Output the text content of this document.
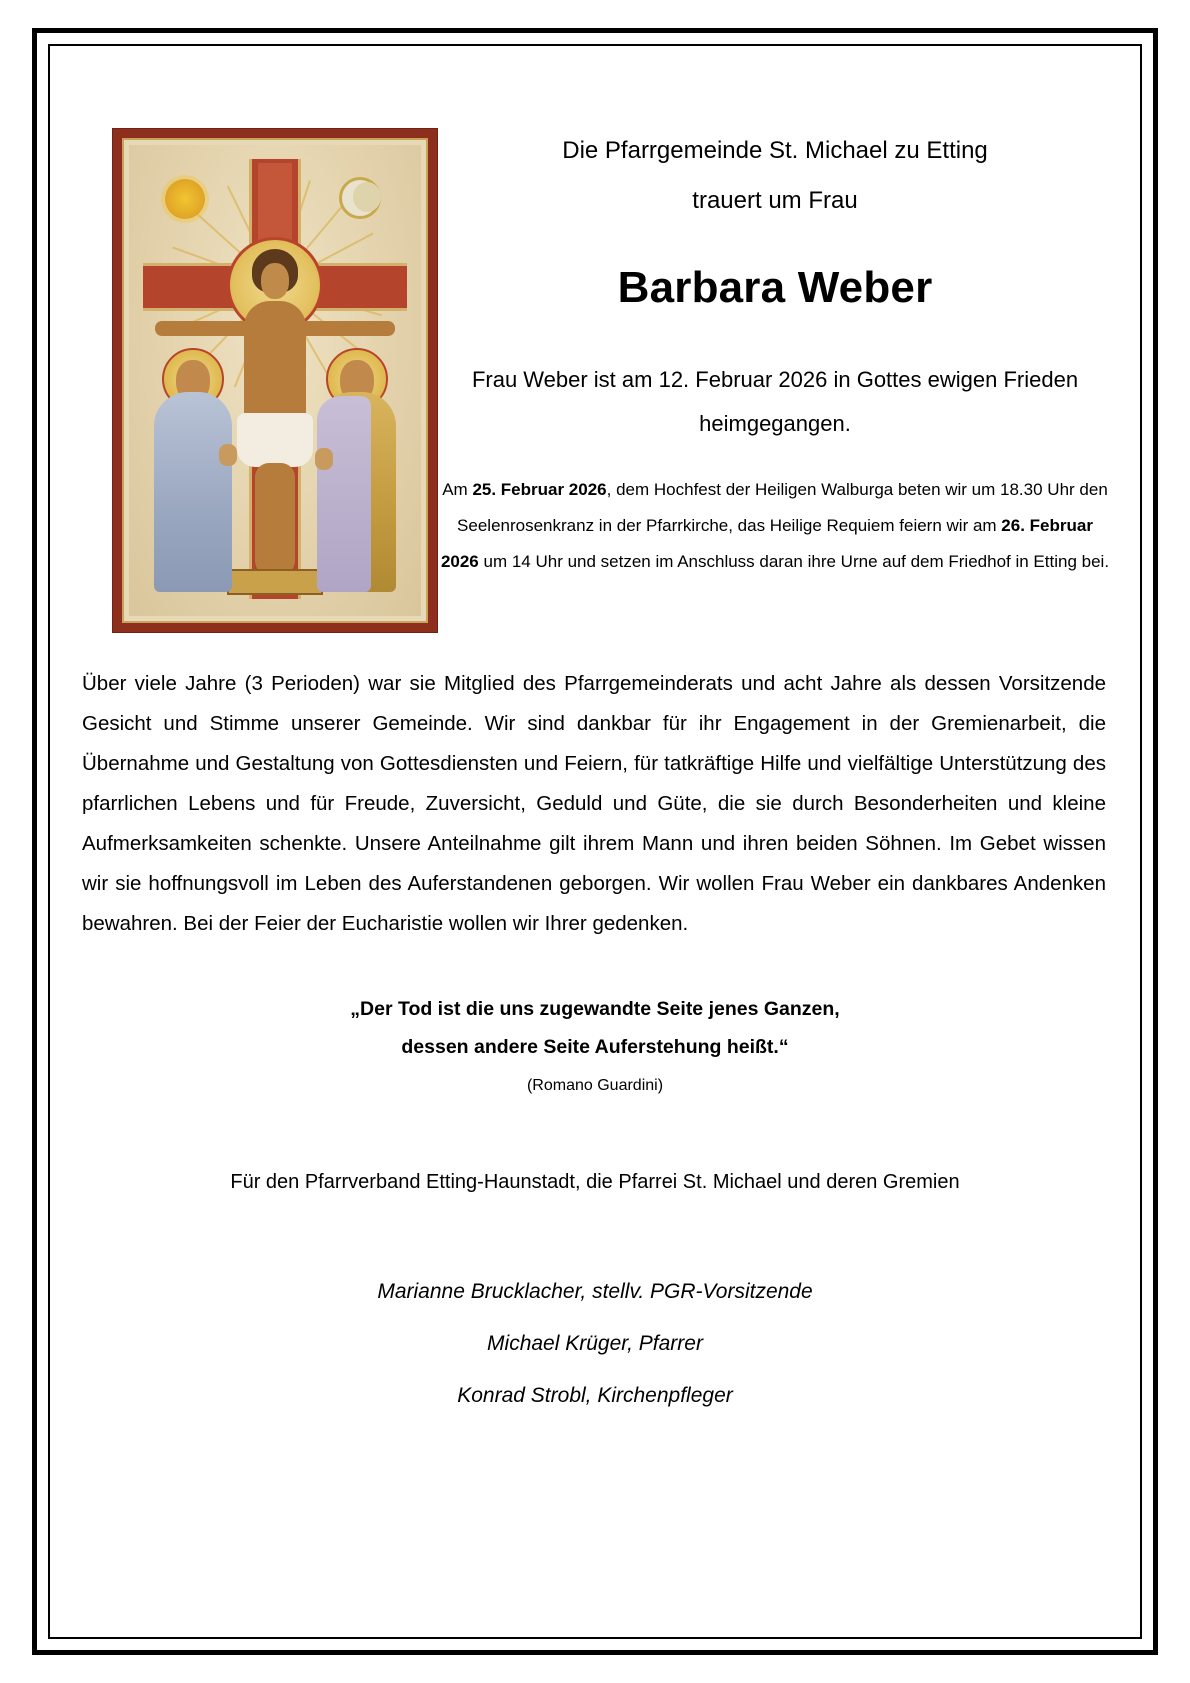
Die Pfarrgemeinde St. Michael zu Etting
trauert um Frau
Barbara Weber
Frau Weber ist am 12. Februar 2026 in Gottes ewigen Frieden heimgegangen.
Am 25. Februar 2026, dem Hochfest der Heiligen Walburga beten wir um 18.30 Uhr den Seelenrosenkranz in der Pfarrkirche, das Heilige Requiem feiern wir am 26. Februar 2026 um 14 Uhr und setzen im Anschluss daran ihre Urne auf dem Friedhof in Etting bei.
Über viele Jahre (3 Perioden) war sie Mitglied des Pfarrgemeinderats und acht Jahre als dessen Vorsitzende Gesicht und Stimme unserer Gemeinde. Wir sind dankbar für ihr Engagement in der Gremienarbeit, die Übernahme und Gestaltung von Gottesdiensten und Feiern, für tatkräftige Hilfe und vielfältige Unterstützung des pfarrlichen Lebens und für Freude, Zuversicht, Geduld und Güte, die sie durch Besonderheiten und kleine Aufmerksamkeiten schenkte. Unsere Anteilnahme gilt ihrem Mann und ihren beiden Söhnen. Im Gebet wissen wir sie hoffnungsvoll im Leben des Auferstandenen geborgen. Wir wollen Frau Weber ein dankbares Andenken bewahren. Bei der Feier der Eucharistie wollen wir Ihrer gedenken.
„Der Tod ist die uns zugewandte Seite jenes Ganzen,
dessen andere Seite Auferstehung heißt.“
(Romano Guardini)
Für den Pfarrverband Etting-Haunstadt, die Pfarrei St. Michael und deren Gremien
Marianne Brucklacher, stellv. PGR-Vorsitzende
Michael Krüger, Pfarrer
Konrad Strobl, Kirchenpfleger
